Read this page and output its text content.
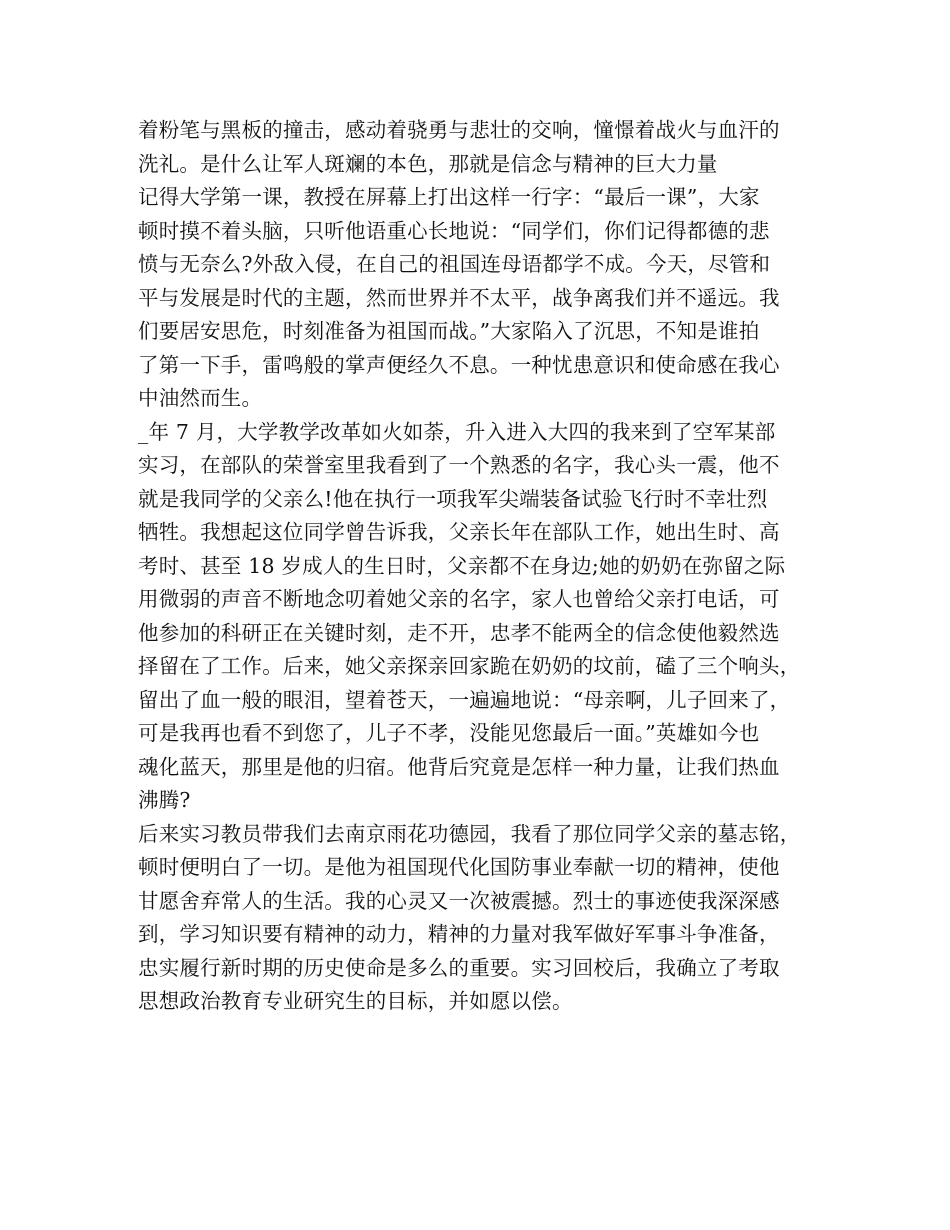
着粉笔与黑板的撞击，感动着骁勇与悲壮的交响，憧憬着战火与血汗的
洗礼。是什么让军人斑斓的本色，那就是信念与精神的巨大力量
记得大学第一课，教授在屏幕上打出这样一行字：“最后一课”，大家
顿时摸不着头脑，只听他语重心长地说：“同学们，你们记得都德的悲
愤与无奈么?外敌入侵，在自己的祖国连母语都学不成。今天，尽管和
平与发展是时代的主题，然而世界并不太平，战争离我们并不遥远。我
们要居安思危，时刻准备为祖国而战。”大家陷入了沉思，不知是谁拍
了第一下手，雷鸣般的掌声便经久不息。一种忧患意识和使命感在我心
中油然而生。
_年 7 月，大学教学改革如火如荼，升入进入大四的我来到了空军某部
实习，在部队的荣誉室里我看到了一个熟悉的名字，我心头一震，他不
就是我同学的父亲么!他在执行一项我军尖端装备试验飞行时不幸壮烈
牺牲。我想起这位同学曾告诉我，父亲长年在部队工作，她出生时、高
考时、甚至 18 岁成人的生日时，父亲都不在身边;她的奶奶在弥留之际
用微弱的声音不断地念叨着她父亲的名字，家人也曾给父亲打电话，可
他参加的科研正在关键时刻，走不开，忠孝不能两全的信念使他毅然选
择留在了工作。后来，她父亲探亲回家跪在奶奶的坟前，磕了三个响头，
留出了血一般的眼泪，望着苍天，一遍遍地说：“母亲啊，儿子回来了，
可是我再也看不到您了，儿子不孝，没能见您最后一面。”英雄如今也
魂化蓝天，那里是他的归宿。他背后究竟是怎样一种力量，让我们热血
沸腾?
后来实习教员带我们去南京雨花功德园，我看了那位同学父亲的墓志铭，
顿时便明白了一切。是他为祖国现代化国防事业奉献一切的精神，使他
甘愿舍弃常人的生活。我的心灵又一次被震撼。烈士的事迹使我深深感
到，学习知识要有精神的动力，精神的力量对我军做好军事斗争准备，
忠实履行新时期的历史使命是多么的重要。实习回校后，我确立了考取
思想政治教育专业研究生的目标，并如愿以偿。
